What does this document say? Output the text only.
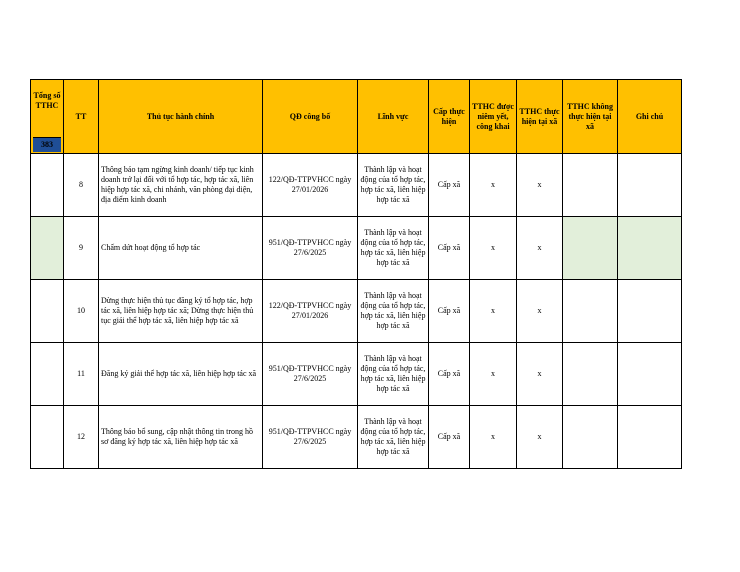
Tổng số TTHC
383	TT	Thủ tục hành chính	QĐ công bố	Lĩnh vực	Cấp thực hiện	TTHC được niêm yết, công khai	TTHC thực hiện tại xã	TTHC không thực hiện tại xã	Ghi chú
	8	Thông báo tạm ngừng kinh doanh/ tiếp tục kinh doanh trở lại đối với tổ hợp tác, hợp tác xã, liên hiệp hợp tác xã, chi nhánh, văn phòng đại diện, địa điểm kinh doanh	122/QĐ-TTPVHCC ngày 27/01/2026	Thành lập và hoạt động của tổ hợp tác, hợp tác xã, liên hiệp hợp tác xã	Cấp xã	x	x		
	9	Chấm dứt hoạt động tổ hợp tác	951/QĐ-TTPVHCC ngày 27/6/2025	Thành lập và hoạt động của tổ hợp tác, hợp tác xã, liên hiệp hợp tác xã	Cấp xã	x	x		
	10	Dừng thực hiện thủ tục đăng ký tổ hợp tác, hợp tác xã, liên hiệp hợp tác xã; Dừng thực hiện thủ tục giải thể hợp tác xã, liên hiệp hợp tác xã	122/QĐ-TTPVHCC ngày 27/01/2026	Thành lập và hoạt động của tổ hợp tác, hợp tác xã, liên hiệp hợp tác xã	Cấp xã	x	x		
	11	Đăng ký giải thể hợp tác xã, liên hiệp hợp tác xã	951/QĐ-TTPVHCC ngày 27/6/2025	Thành lập và hoạt động của tổ hợp tác, hợp tác xã, liên hiệp hợp tác xã	Cấp xã	x	x		
	12	Thông báo bổ sung, cập nhật thông tin trong hồ sơ đăng ký hợp tác xã, liên hiệp hợp tác xã	951/QĐ-TTPVHCC ngày 27/6/2025	Thành lập và hoạt động của tổ hợp tác, hợp tác xã, liên hiệp hợp tác xã	Cấp xã	x	x		
